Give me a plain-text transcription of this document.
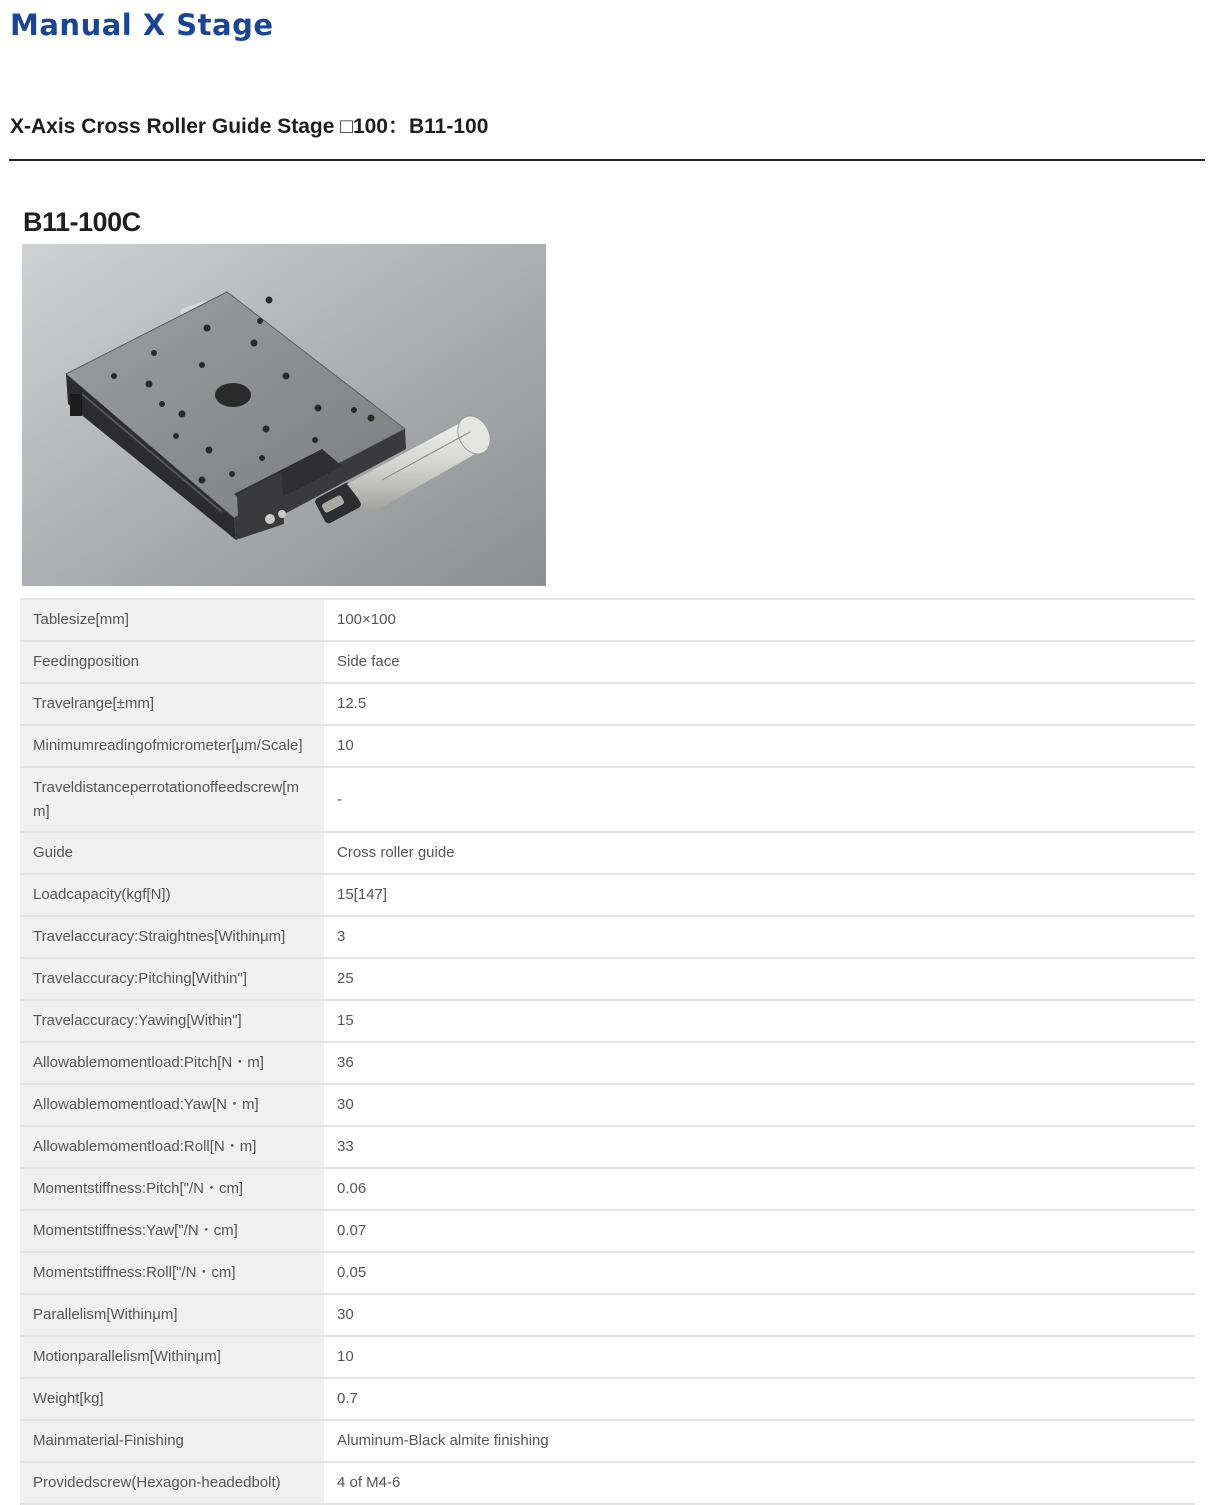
Manual X Stage
X-Axis Cross Roller Guide Stage □100：B11-100
B11-100C
Tablesize[mm]	100×100
Feedingposition	Side face
Travelrange[±mm]	12.5
Minimumreadingofmicrometer[μm/Scale]	10
Traveldistanceperrotationoffeedscrew[mm]	-
Guide	Cross roller guide
Loadcapacity(kgf[N])	15[147]
Travelaccuracy:Straightnes[Withinμm]	3
Travelaccuracy:Pitching[Within"]	25
Travelaccuracy:Yawing[Within"]	15
Allowablemomentload:Pitch[N・m]	36
Allowablemomentload:Yaw[N・m]	30
Allowablemomentload:Roll[N・m]	33
Momentstiffness:Pitch["/N・cm]	0.06
Momentstiffness:Yaw["/N・cm]	0.07
Momentstiffness:Roll["/N・cm]	0.05
Parallelism[Withinμm]	30
Motionparallelism[Withinμm]	10
Weight[kg]	0.7
Mainmaterial-Finishing	Aluminum-Black almite finishing
Providedscrew(Hexagon-headedbolt)	4 of M4-6
